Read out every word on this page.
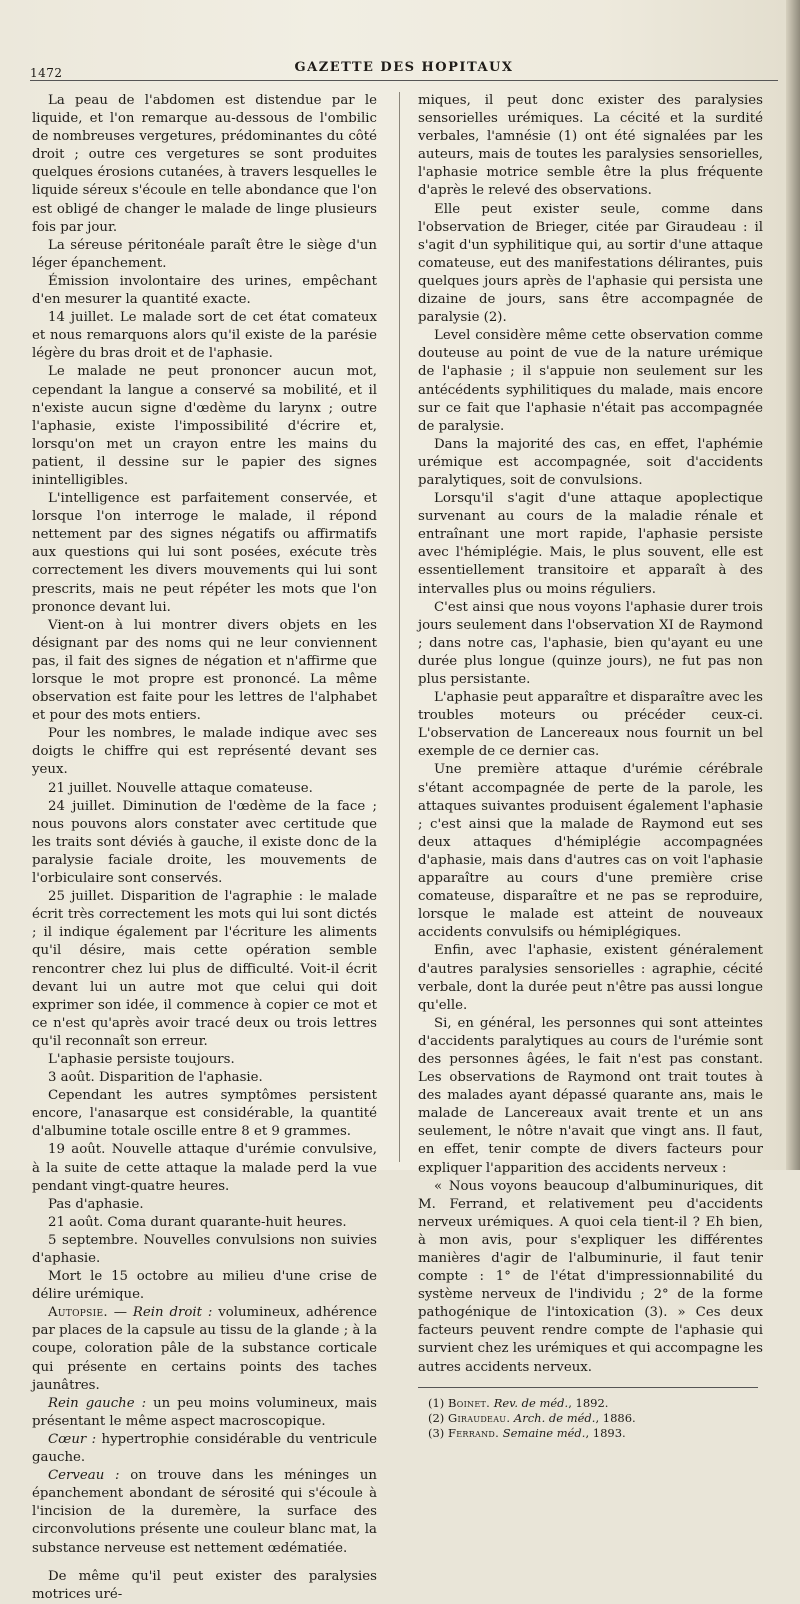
1472	GAZETTE DES HOPITAUX

La peau de l'abdomen est distendue par le liquide, et l'on remarque au-dessous de l'ombilic de nombreuses vergetures, prédominantes du côté droit ; outre ces vergetures se sont produites quelques érosions cutanées, à travers lesquelles le liquide séreux s'écoule en telle abondance que l'on est obligé de changer le malade de linge plusieurs fois par jour.

La séreuse péritonéale paraît être le siège d'un léger épanchement.

Émission involontaire des urines, empêchant d'en mesurer la quantité exacte.

14 juillet. Le malade sort de cet état comateux et nous remarquons alors qu'il existe de la parésie légère du bras droit et de l'aphasie.

Le malade ne peut prononcer aucun mot, cependant la langue a conservé sa mobilité, et il n'existe aucun signe d'œdème du larynx ; outre l'aphasie, existe l'impossibilité d'écrire et, lorsqu'on met un crayon entre les mains du patient, il dessine sur le papier des signes inintelligibles.

L'intelligence est parfaitement conservée, et lorsque l'on interroge le malade, il répond nettement par des signes négatifs ou affirmatifs aux questions qui lui sont posées, exécute très correctement les divers mouvements qui lui sont prescrits, mais ne peut répéter les mots que l'on prononce devant lui.

Vient-on à lui montrer divers objets en les désignant par des noms qui ne leur conviennent pas, il fait des signes de négation et n'affirme que lorsque le mot propre est prononcé. La même observation est faite pour les lettres de l'alphabet et pour des mots entiers.

Pour les nombres, le malade indique avec ses doigts le chiffre qui est représenté devant ses yeux.

21 juillet. Nouvelle attaque comateuse.

24 juillet. Diminution de l'œdème de la face ; nous pouvons alors constater avec certitude que les traits sont déviés à gauche, il existe donc de la paralysie faciale droite, les mouvements de l'orbiculaire sont conservés.

25 juillet. Disparition de l'agraphie : le malade écrit très correctement les mots qui lui sont dictés ; il indique également par l'écriture les aliments qu'il désire, mais cette opération semble rencontrer chez lui plus de difficulté. Voit-il écrit devant lui un autre mot que celui qui doit exprimer son idée, il commence à copier ce mot et ce n'est qu'après avoir tracé deux ou trois lettres qu'il reconnaît son erreur.

L'aphasie persiste toujours.

3 août. Disparition de l'aphasie.

Cependant les autres symptômes persistent encore, l'anasarque est considérable, la quantité d'albumine totale oscille entre 8 et 9 grammes.

19 août. Nouvelle attaque d'urémie convulsive, à la suite de cette attaque la malade perd la vue pendant vingt-quatre heures.

Pas d'aphasie.

21 août. Coma durant quarante-huit heures.

5 septembre. Nouvelles convulsions non suivies d'aphasie.

Mort le 15 octobre au milieu d'une crise de délire urémique.

Autopsie. — Rein droit : volumineux, adhérence par places de la capsule au tissu de la glande ; à la coupe, coloration pâle de la substance corticale qui présente en certains points des taches jaunâtres.

Rein gauche : un peu moins volumineux, mais présentant le même aspect macroscopique.

Cœur : hypertrophie considérable du ventricule gauche.

Cerveau : on trouve dans les méninges un épanchement abondant de sérosité qui s'écoule à l'incision de la duremère, la surface des circonvolutions présente une couleur blanc mat, la substance nerveuse est nettement œdématiée.

De même qu'il peut exister des paralysies motrices uré-

miques, il peut donc exister des paralysies sensorielles urémiques. La cécité et la surdité verbales, l'amnésie (1) ont été signalées par les auteurs, mais de toutes les paralysies sensorielles, l'aphasie motrice semble être la plus fréquente d'après le relevé des observations.

Elle peut exister seule, comme dans l'observation de Brieger, citée par Giraudeau : il s'agit d'un syphilitique qui, au sortir d'une attaque comateuse, eut des manifestations délirantes, puis quelques jours après de l'aphasie qui persista une dizaine de jours, sans être accompagnée de paralysie (2).

Level considère même cette observation comme douteuse au point de vue de la nature urémique de l'aphasie ; il s'appuie non seulement sur les antécédents syphilitiques du malade, mais encore sur ce fait que l'aphasie n'était pas accompagnée de paralysie.

Dans la majorité des cas, en effet, l'aphémie urémique est accompagnée, soit d'accidents paralytiques, soit de convulsions.

Lorsqu'il s'agit d'une attaque apoplectique survenant au cours de la maladie rénale et entraînant une mort rapide, l'aphasie persiste avec l'hémiplégie. Mais, le plus souvent, elle est essentiellement transitoire et apparaît à des intervalles plus ou moins réguliers.

C'est ainsi que nous voyons l'aphasie durer trois jours seulement dans l'observation XI de Raymond ; dans notre cas, l'aphasie, bien qu'ayant eu une durée plus longue (quinze jours), ne fut pas non plus persistante.

L'aphasie peut apparaître et disparaître avec les troubles moteurs ou précéder ceux-ci. L'observation de Lancereaux nous fournit un bel exemple de ce dernier cas.

Une première attaque d'urémie cérébrale s'étant accompagnée de perte de la parole, les attaques suivantes produisent également l'aphasie ; c'est ainsi que la malade de Raymond eut ses deux attaques d'hémiplégie accompagnées d'aphasie, mais dans d'autres cas on voit l'aphasie apparaître au cours d'une première crise comateuse, disparaître et ne pas se reproduire, lorsque le malade est atteint de nouveaux accidents convulsifs ou hémiplégiques.

Enfin, avec l'aphasie, existent généralement d'autres paralysies sensorielles : agraphie, cécité verbale, dont la durée peut n'être pas aussi longue qu'elle.

Si, en général, les personnes qui sont atteintes d'accidents paralytiques au cours de l'urémie sont des personnes âgées, le fait n'est pas constant. Les observations de Raymond ont trait toutes à des malades ayant dépassé quarante ans, mais le malade de Lancereaux avait trente et un ans seulement, le nôtre n'avait que vingt ans. Il faut, en effet, tenir compte de divers facteurs pour expliquer l'apparition des accidents nerveux :

« Nous voyons beaucoup d'albuminuriques, dit M. Ferrand, et relativement peu d'accidents nerveux urémiques. A quoi cela tient-il ? Eh bien, à mon avis, pour s'expliquer les différentes manières d'agir de l'albuminurie, il faut tenir compte : 1° de l'état d'impressionnabilité du système nerveux de l'individu ; 2° de la forme pathogénique de l'intoxication (3). » Ces deux facteurs peuvent rendre compte de l'aphasie qui survient chez les urémiques et qui accompagne les autres accidents nerveux.

(1) Boinet. Rev. de méd., 1892.
(2) Giraudeau. Arch. de méd., 1886.
(3) Ferrand. Semaine méd., 1893.
